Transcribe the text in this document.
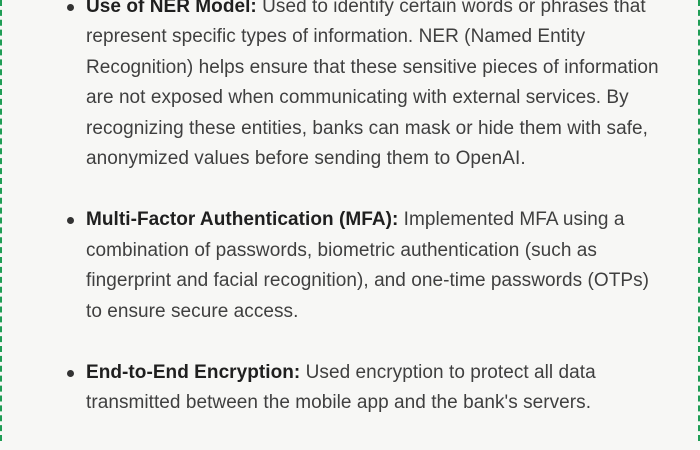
Use of NER Model: Used to identify certain words or phrases that represent specific types of information. NER (Named Entity Recognition) helps ensure that these sensitive pieces of information are not exposed when communicating with external services. By recognizing these entities, banks can mask or hide them with safe, anonymized values before sending them to OpenAI.
Multi-Factor Authentication (MFA): Implemented MFA using a combination of passwords, biometric authentication (such as fingerprint and facial recognition), and one-time passwords (OTPs) to ensure secure access.
End-to-End Encryption: Used encryption to protect all data transmitted between the mobile app and the bank's servers.
